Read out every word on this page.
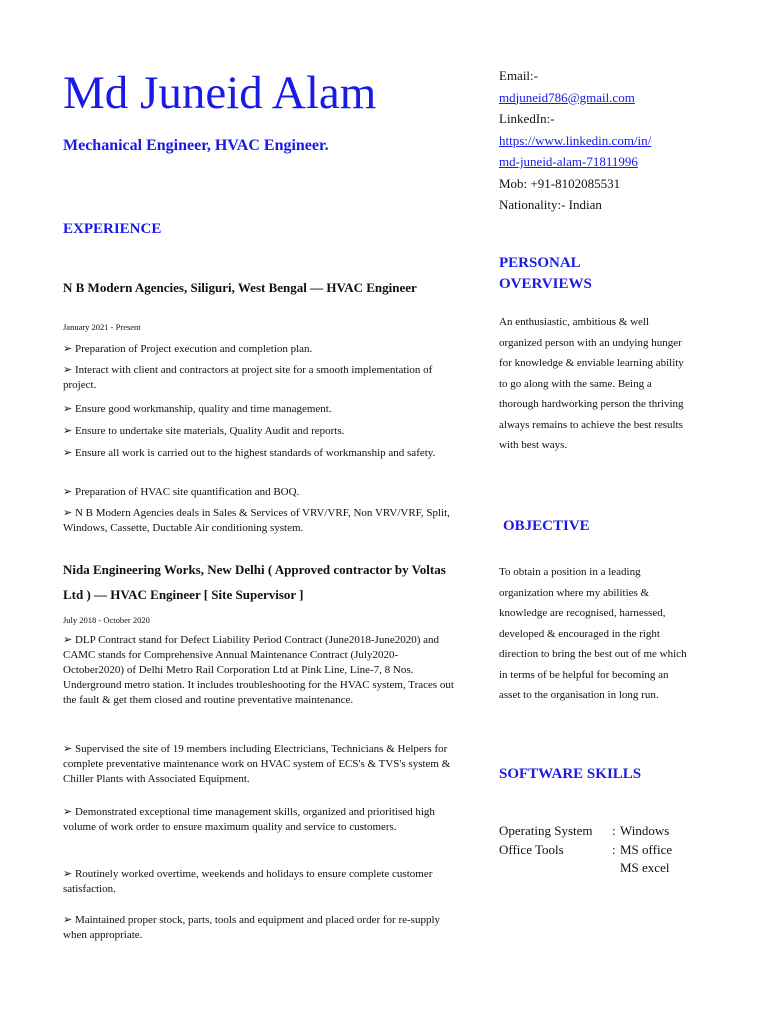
Md Juneid Alam
Mechanical Engineer, HVAC Engineer.
EXPERIENCE
N B Modern Agencies, Siliguri, West Bengal — HVAC Engineer
January 2021 - Present
➢ Preparation of Project execution and completion plan.
➢ Interact with client and contractors at project site for a smooth implementation of project.
➢ Ensure good workmanship, quality and time management.
➢ Ensure to undertake site materials, Quality Audit and reports.
➢ Ensure all work is carried out to the highest standards of workmanship and safety.
➢ Preparation of HVAC site quantification and BOQ.
➢ N B Modern Agencies deals in Sales & Services of VRV/VRF, Non VRV/VRF, Split, Windows, Cassette, Ductable Air conditioning system.
Nida Engineering Works, New Delhi ( Approved contractor by Voltas Ltd ) — HVAC Engineer [ Site Supervisor ]
July 2018 - October 2020
➢ DLP Contract stand for Defect Liability Period Contract (June2018-June2020) and CAMC stands for Comprehensive Annual Maintenance Contract (July2020- October2020) of Delhi Metro Rail Corporation Ltd at Pink Line, Line-7, 8 Nos. Underground metro station. It includes troubleshooting for the HVAC system, Traces out the fault & get them closed and routine preventative maintenance.
➢ Supervised the site of 19 members including Electricians, Technicians & Helpers for complete preventative maintenance work on HVAC system of ECS's & TVS's system & Chiller Plants with Associated Equipment.
➢ Demonstrated exceptional time management skills, organized and prioritised high volume of work order to ensure maximum quality and service to customers.
➢ Routinely worked overtime, weekends and holidays to ensure complete customer satisfaction.
➢ Maintained proper stock, parts, tools and equipment and placed order for re-supply when appropriate.
Email:-
mdjuneid786@gmail.com
LinkedIn:-
https://www.linkedin.com/in/
md-juneid-alam-71811996
Mob: +91-8102085531
Nationality:- Indian
PERSONAL
OVERVIEWS
An enthusiastic, ambitious & well organized person with an undying hunger for knowledge & enviable learning ability to go along with the same. Being a thorough hardworking person the thriving always remains to achieve the best results with best ways.
OBJECTIVE
To obtain a position in a leading organization where my abilities & knowledge are recognised, harnessed, developed & encouraged in the right direction to bring the best out of me which in terms of be helpful for becoming an asset to the organisation in long run.
SOFTWARE SKILLS
Operating System	:	Windows
Office Tools	:	MS office
MS excel
